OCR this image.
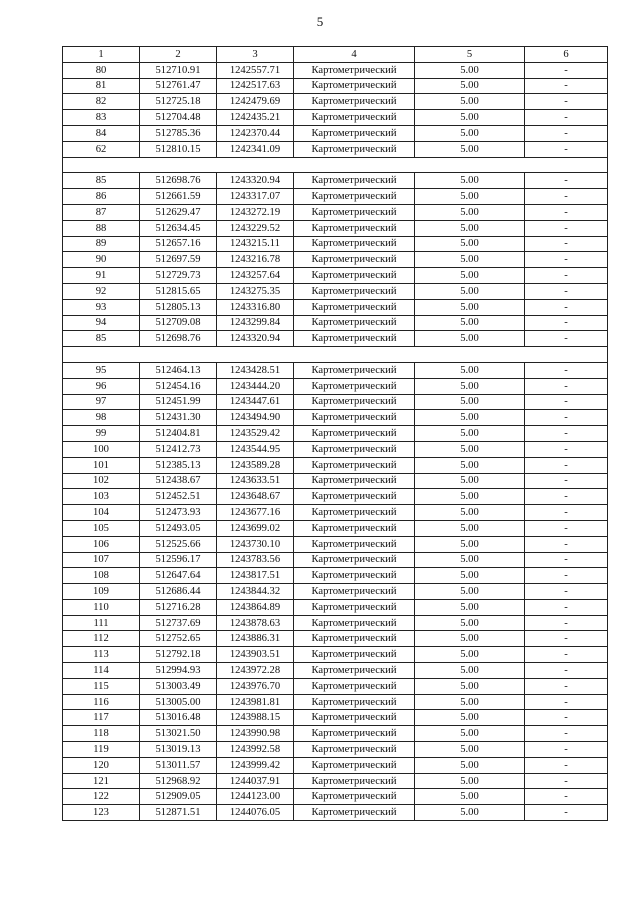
5
1	2	3	4	5	6
80	512710.91	1242557.71	Картометрический	5.00	-
81	512761.47	1242517.63	Картометрический	5.00	-
82	512725.18	1242479.69	Картометрический	5.00	-
83	512704.48	1242435.21	Картометрический	5.00	-
84	512785.36	1242370.44	Картометрический	5.00	-
62	512810.15	1242341.09	Картометрический	5.00	-

85	512698.76	1243320.94	Картометрический	5.00	-
86	512661.59	1243317.07	Картометрический	5.00	-
87	512629.47	1243272.19	Картометрический	5.00	-
88	512634.45	1243229.52	Картометрический	5.00	-
89	512657.16	1243215.11	Картометрический	5.00	-
90	512697.59	1243216.78	Картометрический	5.00	-
91	512729.73	1243257.64	Картометрический	5.00	-
92	512815.65	1243275.35	Картометрический	5.00	-
93	512805.13	1243316.80	Картометрический	5.00	-
94	512709.08	1243299.84	Картометрический	5.00	-
85	512698.76	1243320.94	Картометрический	5.00	-

95	512464.13	1243428.51	Картометрический	5.00	-
96	512454.16	1243444.20	Картометрический	5.00	-
97	512451.99	1243447.61	Картометрический	5.00	-
98	512431.30	1243494.90	Картометрический	5.00	-
99	512404.81	1243529.42	Картометрический	5.00	-
100	512412.73	1243544.95	Картометрический	5.00	-
101	512385.13	1243589.28	Картометрический	5.00	-
102	512438.67	1243633.51	Картометрический	5.00	-
103	512452.51	1243648.67	Картометрический	5.00	-
104	512473.93	1243677.16	Картометрический	5.00	-
105	512493.05	1243699.02	Картометрический	5.00	-
106	512525.66	1243730.10	Картометрический	5.00	-
107	512596.17	1243783.56	Картометрический	5.00	-
108	512647.64	1243817.51	Картометрический	5.00	-
109	512686.44	1243844.32	Картометрический	5.00	-
110	512716.28	1243864.89	Картометрический	5.00	-
111	512737.69	1243878.63	Картометрический	5.00	-
112	512752.65	1243886.31	Картометрический	5.00	-
113	512792.18	1243903.51	Картометрический	5.00	-
114	512994.93	1243972.28	Картометрический	5.00	-
115	513003.49	1243976.70	Картометрический	5.00	-
116	513005.00	1243981.81	Картометрический	5.00	-
117	513016.48	1243988.15	Картометрический	5.00	-
118	513021.50	1243990.98	Картометрический	5.00	-
119	513019.13	1243992.58	Картометрический	5.00	-
120	513011.57	1243999.42	Картометрический	5.00	-
121	512968.92	1244037.91	Картометрический	5.00	-
122	512909.05	1244123.00	Картометрический	5.00	-
123	512871.51	1244076.05	Картометрический	5.00	-
